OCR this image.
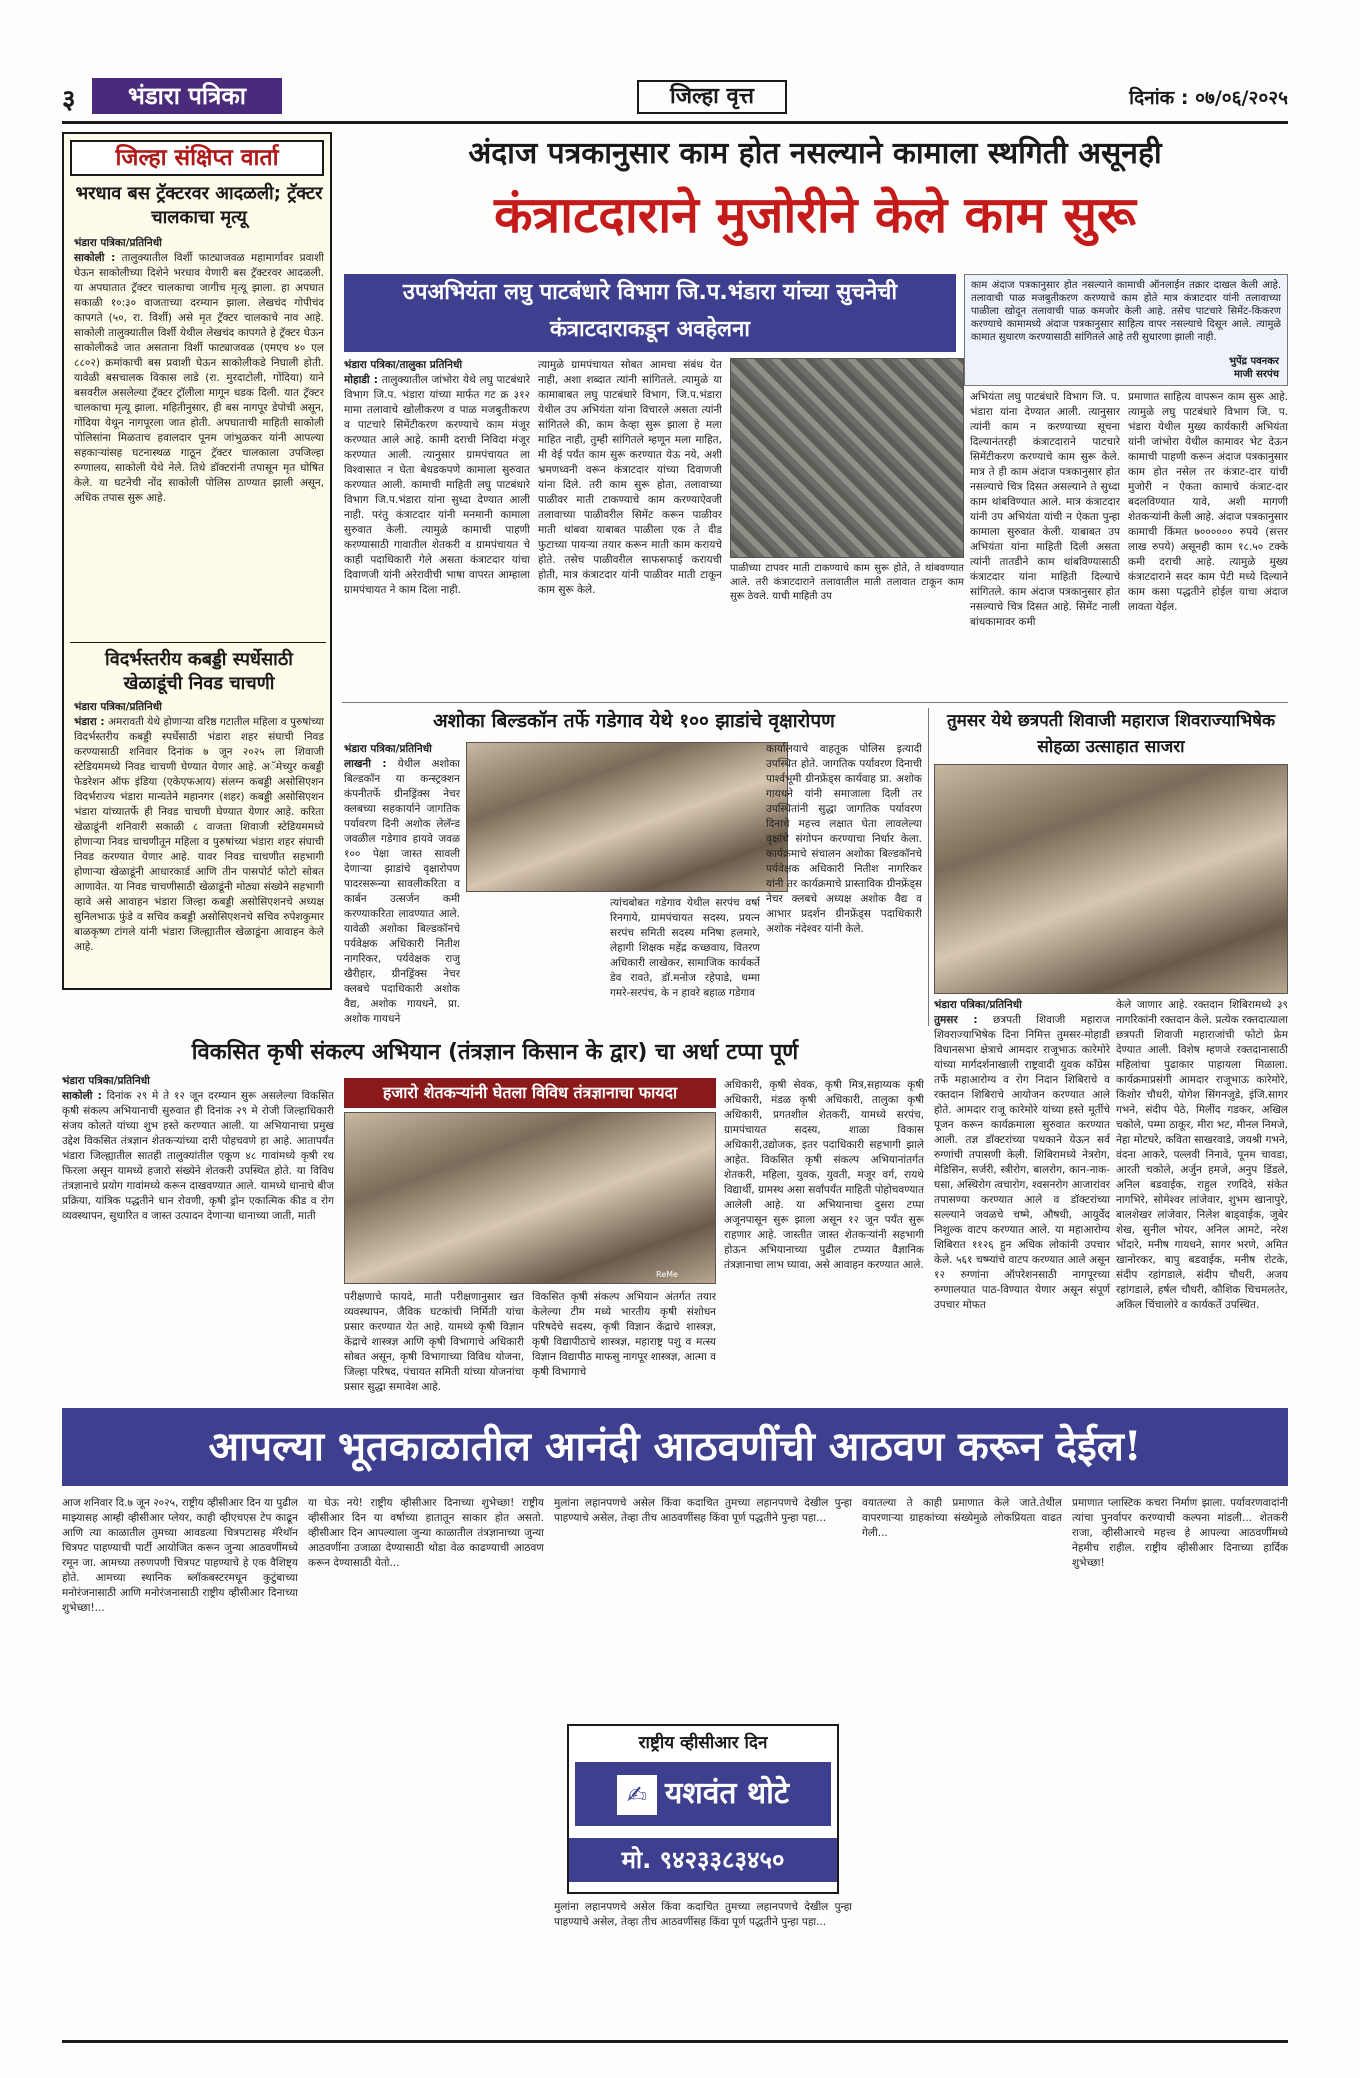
३	भंडारा पत्रिका	जिल्हा वृत्त	दिनांक : ०७/०६/२०२५
जिल्हा संक्षिप्त वार्ता
भरधाव बस ट्रॅक्टरवर आदळली; ट्रॅक्टर चालकाचा मृत्यू
भंडारा पत्रिका/प्रतिनिधी
साकोली : तालुक्यातील विर्शी फाट्याजवळ महामार्गावर प्रवाशी घेऊन साकोलीच्या दिशेने भरधाव येणारी बस ट्रॅक्टरवर आदळली. या अपघातात ट्रॅक्टर चालकाचा जागीच मृत्यू झाला. हा अपघात सकाळी १०:३० वाजताच्या दरम्यान झाला. लेखचंद गोपीचंद कापगते (५०, रा. विर्शी) असे मृत ट्रॅक्टर चालकाचे नाव आहे. साकोली तालुक्यातील विर्शी येथील लेखचंद कापगते हे ट्रॅक्टर घेऊन साकोलीकडे जात असताना विर्शी फाट्याजवळ (एमएच ४० एल ८८०२) क्रमांकाची बस प्रवाशी घेऊन साकोलीकडे निघाली होती. यावेळी बसचालक विकास लाडे (रा. मुरदाटोली, गोंदिया) याने बसवरील असलेल्या ट्रॅक्टर ट्रॉलीला मागून धडक दिली. यात ट्रॅक्टर चालकाचा मृत्यू झाला. महितीनुसार, ही बस नागपूर डेपोची असून, गोंदिया येथून नागपूरला जात होती. अपघाताची माहिती साकोली पोलिसांना मिळताच हवालदार पूनम जांभुळकर यांनी आपल्या सहकाऱ्यांसह घटनास्थळ गाठून ट्रॅक्टर चालकाला उपजिल्हा रुग्णालय, साकोली येथे नेले. तिथे डॉक्टरांनी तपासून मृत घोषित केले. या घटनेची नोंद साकोली पोलिस ठाण्यात झाली असून, अधिक तपास सुरू आहे.
विदर्भस्तरीय कबड्डी स्पर्धेसाठी खेळाडूंची निवड चाचणी
भंडारा पत्रिका/प्रतिनिधी
भंडारा : अमरावती येथे होणाऱ्या वरिष्ठ गटातील महिला व पुरुषांच्या विदर्भस्तरीय कबड्डी स्पर्धेसाठी भंडारा शहर संघाची निवड करण्यासाठी शनिवार दिनांक ७ जून २०२५ ला शिवाजी स्टेडियममध्ये निवड चाचणी घेण्यात येणार आहे. अॅमेच्युर कबड्डी फेडरेशन ऑफ इंडिया (एकेएफआय) संलग्न कबड्डी असोसिएशन विदर्भराज्य भंडारा मान्यतेने महानगर (शहर) कबड्डी असोसिएशन भंडारा यांच्यातर्फे ही निवड चाचणी घेण्यात येणार आहे. करिता खेळाडूंनी शनिवारी सकाळी ८ वाजता शिवाजी स्टेडियममध्ये होणाऱ्या निवड चाचणीतून महिला व पुरुषांच्या भंडारा शहर संघाची निवड करण्यात येणार आहे. यावर निवड चाचणीत सहभागी होणाऱ्या खेळाडूंनी आधारकार्ड आणि तीन पासपोर्ट फोटो सोबत आणावेत. या निवड चाचणीसाठी खेळाडूंनी मोठ्या संख्येने सहभागी व्हावे असे आवाहन भंडारा जिल्हा कबड्डी असोसिएशनचे अध्यक्ष सुनिलभाऊ फुंडे व सचिव कबड्डी असोसिएशनचे सचिव रुपेशकुमार बाळकृष्ण टांगले यांनी भंडारा जिल्ह्यातील खेळाडूंना आवाहन केले आहे.
अंदाज पत्रकानुसार काम होत नसल्याने कामाला स्थगिती असूनही
कंत्राटदाराने मुजोरीने केले काम सुरू
उपअभियंता लघु पाटबंधारे विभाग जि.प.भंडारा यांच्या सुचनेची कंत्राटदाराकडून अवहेलना
काम अंदाज पत्रकानुसार होत नसल्याने कामाची ऑनलाईन तक्रार दाखल केली आहे. तलावाची पाळ मजबुतीकरण करण्याचे काम होते मात्र कंत्राटदार यांनी तलावाच्या पाळीला खोदून तलावाची पाळ कमजोर केली आहे. तसेच पाटचारे सिमेंट-किकरण करण्याचे कामामध्ये अंदाज पत्रकानुसार साहित्य वापर नसल्याचे दिसून आले. त्यामुळे कामात सुधारण करण्यासाठी सांगितले आहे तरी सुधारणा झाली नाही.
भुपेंद्र पवनकर
माजी सरपंच
भंडारा पत्रिका/तालुका प्रतिनिधी
मोहाडी : तालुक्यातील जांभोरा येथे लघु पाटबंधारे विभाग जि.प. भंडारा यांच्या मार्फत गट क्र ३१२ मामा तलावाचे खोलीकरण व पाळ मजबुतीकरण व पाटचारे सिमेंटीकरण करण्याचे काम मंजूर करण्यात आले आहे. कामी दराची निविदा मंजूर करण्यात आली. त्यानुसार ग्रामपंचायत ला विश्वासात न घेता बेधडकपणे कामाला सुरुवात करण्यात आली. कामाची माहिती लघु पाटबंधारे विभाग जि.प.भंडारा यांना सुध्दा देण्यात आली नाही. परंतु कंत्राटदार यांनी मनमानी कामाला सुरुवात केली. त्यामुळे कामाची पाहणी करण्यासाठी गावातील शेतकरी व ग्रामपंचायत चे काही पदाधिकारी गेले असता कंत्राटदार यांचा दिवाणजी यांनी अरेरावीची भाषा वापरत आम्हाला ग्रामपंचायत ने काम दिला नाही.
त्यामुळे ग्रामपंचायत सोबत आमचा संबंध येत नाही, अशा शब्दात त्यांनी सांगितले. त्यामुळे या कामाबाबत लघु पाटबंधारे विभाग, जि.प.भंडारा येथील उप अभियंता यांना विचारले असता त्यांनी सांगितले की, काम केव्हा सुरू झाला हे मला माहित नाही, तुम्ही सांगितले म्हणून मला माहित, मी वेई पर्यंत काम सुरू करण्यात येऊ नये, अशी भ्रमणध्वनी वरून कंत्राटदार यांच्या दिवाणजी यांना दिले. तरी काम सुरू होता, तलावाच्या पाळीवर माती टाकण्याचे काम करण्याऐवजी तलावाच्या पाळीवरील सिमेंट करून पाळीवर माती थांबवा याबाबत पाळीला एक ते दीड फुटाच्या पायऱ्या तयार करून माती काम करायचे होते. तसेच पाळीवरील साफसफाई करायची होती, मात्र कंत्राटदार यांनी पाळीवर माती टाकून काम सुरू केले.
पाळीच्या टापवर माती टाकण्याचे काम सुरू होते, ते थांबवण्यात आले. तरी कंत्राटदाराने तलावातील माती तलावात टाकून काम सुरू ठेवले. याची माहिती उप
अभियंता लघु पाटबंधारे विभाग जि. प. भंडारा यांना देण्यात आली. त्यानुसार त्यांनी काम न करण्याच्या सूचना दिल्यानंतरही कंत्राटदाराने पाटचारे सिमेंटीकरण करण्याचे काम सुरू केले. मात्र ते ही काम अंदाज पत्रकानुसार होत नसल्याचे चित्र दिसत असल्याने ते सुध्दा काम थांबविण्यात आले. मात्र कंत्राटदार यांनी उप अभियंता यांची न ऐकता पुन्हा कामाला सुरुवात केली. याबाबत उप अभियंता यांना माहिती दिली असता त्यांनी तातडीने काम थांबविण्यासाठी कंत्राटदार यांना माहिती दिल्याचे सांगितले. काम अंदाज पत्रकानुसार होत नसल्याचे चित्र दिसत आहे. सिमेंट नाली बांधकामावर कमी
प्रमाणात साहित्य वापरून काम सुरू आहे. त्यामुळे लघु पाटबंधारे विभाग जि. प. भंडारा येथील मुख्य कार्यकारी अभियंता यांनी जांभोरा येथील कामावर भेट देऊन कामाची पाहणी करून अंदाज पत्रकानुसार काम होत नसेल तर कंत्राट-दार यांची मुजोरी न ऐकता कामाचे कंत्राट-दार बदलविण्यात यावे, अशी मागणी शेतकऱ्यांनी केली आहे. अंदाज पत्रकानुसार कामाची किंमत ७०००००० रुपये (सत्तर लाख रुपये) असूनही काम १८.५० टक्के कमी दराची आहे. त्यामुळे मुख्य कंत्राटदाराने सदर काम पेटी मध्ये दिल्याने काम कसा पद्धतीने होईल याचा अंदाज लावता येईल.
अशोका बिल्डकॉन तर्फे गडेगाव येथे १०० झाडांचे वृक्षारोपण
भंडारा पत्रिका/प्रतिनिधी
लाखनी : येथील अशोका बिल्डकॉन या कन्स्ट्रक्शन कंपनीतर्फे ग्रीनड्रिंक्स नेचर क्लबच्या सहकार्याने जागतिक पर्यावरण दिनी अशोक लेलॅन्ड जवळील गडेगाव हायवे जवळ १०० पेक्षा जास्त सावली देणाऱ्या झाडांचे वृक्षारोपण पादरसरून्या सावलीकरिता व कार्बन उत्सर्जन कमी करण्याकरिता लावण्यात आले. यावेळी अशोका बिल्डकॉनचे पर्यवेक्षक अधिकारी नितीश नागरिकर, पर्यवेक्षक राजु खैरीहार, ग्रीनड्रिंक्स नेचर क्लबचे पदाधिकारी अशोक वैद्य, अशोक गायधने, प्रा. अशोक गायधने
त्यांचबोबत गडेगाव येथील सरपंच वर्षा रिनगाये, ग्रामपंचायत सदस्य, प्रयत्न सरपंच समिती सदस्य मनिषा हलमारे, लेहागी शिक्षक महेंद्र कच्छवाय, वितरण अधिकारी लाखेकर, सामाजिक कार्यकर्ते डेव रावते, डॉ.मनोज रहेपाडे, धम्मा गमरे-सरपंच, के न हावरे बहाळ गडेगाव
कार्यालयाचे वाहतूक पोलिस इत्यादी उपस्थित होते. जागतिक पर्यावरण दिनाची पार्श्वभूमी ग्रीनफ्रेंड्स कार्यवाह प्रा. अशोक गायधने यांनी समाजाला दिली तर उपस्थितांनी सुद्धा जागतिक पर्यावरण दिनाचे महत्त्व लक्षात घेता लावलेल्या वृक्षांचे संगोपन करण्याचा निर्धार केला. कार्यक्रमाचे संचालन अशोका बिल्डकॉनचे पर्यवेक्षक अधिकारी नितीश नागरिकर यांनी तर कार्यक्रमाचे प्रास्ताविक ग्रीनफ्रेंड्स नेचर क्लबचे अध्यक्ष अशोक वैद्य व आभार प्रदर्शन ग्रीनफ्रेंड्स पदाधिकारी अशोक नंदेश्वर यांनी केले.
तुमसर येथे छत्रपती शिवाजी महाराज शिवराज्याभिषेक सोहळा उत्साहात साजरा
भंडारा पत्रिका/प्रतिनिधी
तुमसर : छत्रपती शिवाजी महाराज शिवराज्याभिषेक दिना निमित्त तुमसर-मोहाडी विधानसभा क्षेत्राचे आमदार राजूभाऊ कारेमोरे यांच्या मार्गदर्शनाखाली राष्ट्रवादी युवक काँग्रेस तर्फे महाआरोग्य व रोग निदान शिबिराचे व रक्तदान शिबिराचे आयोजन करण्यात आले होते. आमदार राजू कारेमोरे यांच्या हस्ते मूर्तीचे पूजन करून कार्यक्रमाला सुरुवात करण्यात आली. तज्ञ डॉक्टरांच्या पथकाने येऊन सर्व रुग्णांची तपासणी केली. शिबिरामध्ये नेत्ररोग, मेडिसिन, सर्जरी, स्त्रीरोग, बालरोग, कान-नाक-घसा, अस्थिरोग त्वचारोग, श्वसनरोग आजारांवर तपासण्या करण्यात आले व डॉक्टरांच्या सल्ल्याने जवळचे चष्मे, औषधी, आयुर्वेद निशुल्क वाटप करण्यात आले. या महाआरोग्य शिबिरात ११२६ हुन अधिक लोकांनी उपचार केले. ५६१ चष्म्यांचे वाटप करण्यात आले असून १२ रुग्णांना ऑपरेशनसाठी नागपूरच्या रुग्णालयात पाठ-विण्यात येणार असून संपूर्ण उपचार मोफत
केले जाणार आहे. रक्तदान शिबिरामध्ये ३९ नागरिकांनी रक्तदान केले. प्रत्येक रक्तदात्याला छत्रपती शिवाजी महाराजांची फोटो फ्रेम देण्यात आली. विशेष म्हणजे रक्तदानासाठी महिलांचा पुढाकार पाहायला मिळाला. कार्यक्रमाप्रसंगी आमदार राजूभाऊ कारेमोरे, किशोर चौधरी, योगेश सिंगनजुडे, इंजि.सागर गभने, संदीप पेठे, मिलींद गडकर, अखिल चकोले, पम्मा ठाकूर, मीरा भट, मीनल निमजे, नेहा मोटघरे, कविता साखरवाडे, जयश्री गभने, वंदना आकरे, पल्लवी निनावे, पूनम चावडा, आरती चकोले, अर्जुन हमजे, अनुप डिंडले, अनिल बडवाईक, राहुल रणदिवे, संकेत नागभिरे, सोमेश्वर लांजेवार, शुभम खानापुरे, बालशेखर लांजेवार, निलेश बाड्वाईक, जुबेर शेख, सुनील भोयर, अनिल आमटे, नरेश भोंदारे, मनीष गायधने, सागर भरणे, अमित खानोरकर, बापु बडवाईक, मनीष रोटके, संदीप रहांगडाले, संदीप चौधरी, अजय रहांगडाले, हर्षल चौधरी, कौशिक चिचमलतेर, अकिल चिंचालोरे व कार्यकर्ते उपस्थित.
विकसित कृषी संकल्प अभियान (तंत्रज्ञान किसान के द्वार) चा अर्धा टप्पा पूर्ण
हजारो शेतकऱ्यांनी घेतला विविध तंत्रज्ञानाचा फायदा
भंडारा पत्रिका/प्रतिनिधी
साकोली : दिनांक २९ मे ते १२ जून दरम्यान सुरू असलेल्या विकसित कृषी संकल्प अभियानाची सुरुवात ही दिनांक २९ मे रोजी जिल्हाधिकारी संजय कोलते यांच्या शुभ हस्ते करण्यात आली. या अभियानाचा प्रमुख उद्देश विकसित तंत्रज्ञान शेतकऱ्यांच्या दारी पोहचवणे हा आहे. आतापर्यंत भंडारा जिल्ह्यातील सातही तालुक्यांतील एकूण ४८ गावांमध्ये कृषी रथ फिरला असून यामध्ये हजारो संख्येने शेतकरी उपस्थित होते. या विविध तंत्रज्ञानाचे प्रयोग गावांमध्ये करून दाखवण्यात आले. यामध्ये धानाचे बीज प्रक्रिया, यांत्रिक पद्धतीने धान रोवणी, कृषी ड्रोन एकात्मिक कीड व रोग व्यवस्थापन, सुधारित व जास्त उत्पादन देणाऱ्या धानाच्या जाती, माती
ReMe 21.06.2025
परीक्षणाचे फायदे, माती परीक्षणानुसार खत व्यवस्थापन, जैविक घटकांची निर्मिती यांचा प्रसार करण्यात येत आहे. यामध्ये कृषी विज्ञान केंद्राचे शास्त्रज्ञ आणि कृषी विभागाचे अधिकारी सोबत असून, कृषी विभागाच्या विविध योजना, जिल्हा परिषद, पंचायत समिती यांच्या योजनांचा प्रसार सुद्धा समावेश आहे.
विकसित कृषी संकल्प अभियान अंतर्गत तयार केलेल्या टीम मध्ये भारतीय कृषी संशोधन परिषदेचे सदस्य, कृषी विज्ञान केंद्राचे शास्त्रज्ञ, कृषी विद्यापीठाचे शास्त्रज्ञ, महाराष्ट्र पशु व मत्स्य विज्ञान विद्यापीठ माफसु नागपूर शास्त्रज्ञ, आत्मा व कृषी विभागाचे
अधिकारी, कृषी सेवक, कृषी मित्र,सहाय्यक कृषी अधिकारी, मंडळ कृषी अधिकारी, तालुका कृषी अधिकारी, प्रगतशील शेतकरी, यामध्ये सरपंच, ग्रामपंचायत सदस्य, शाळा विकास अधिकारी,उद्योजक, इतर पदाधिकारी सहभागी झाले आहेत. विकसित कृषी संकल्प अभियानांतर्गत शेतकरी, महिला, युवक, युवती, मजूर वर्ग, रायथे विद्यार्थी, ग्रामस्थ असा सर्वांपर्यंत माहिती पोहोचवण्यात आलेली आहे. या अभियानाचा दुसरा टप्पा अजूनपासून सुरू झाला असून १२ जून पर्यंत सुरू राहणार आहे. जास्तीत जास्त शेतकऱ्यांनी सहभागी होऊन अभियानाच्या पुढील टप्प्यात वैज्ञानिक तंत्रज्ञानाचा लाभ घ्यावा, असे आवाहन करण्यात आले.
आपल्या भूतकाळातील आनंदी आठवणींची आठवण करून देईल!
आज शनिवार दि.७ जून २०२५, राष्ट्रीय व्हीसीआर दिन या पुढील माझ्यासह आम्ही व्हीसीआर प्लेयर, काही व्हीएचएस टेप काढून आणि त्या काळातील तुमच्या आवडत्या चित्रपटासह मॅरेथॉन चित्रपट पाहण्याची पार्टी आयोजित करून जुन्या आठवणींमध्ये रमून जा. आमच्या तरुणपणी चित्रपट पाहण्याचे हे एक वैशिष्ट्य होते. आमच्या स्थानिक ब्लॉकबस्टरमधून कुटुंबाच्या मनोरंजनासाठी आणि मनोरंजनासाठी राष्ट्रीय व्हीसीआर दिनाच्या शुभेच्छा!...
या घेऊ नये! राष्ट्रीय व्हीसीआर दिनाच्या शुभेच्छा! राष्ट्रीय व्हीसीआर दिन या वर्षाच्या हातातून साकार होत असतो. व्हीसीआर दिन आपल्याला जुन्या काळातील तंत्रज्ञानाच्या जुन्या आठवणींना उजाळा देण्यासाठी थोडा वेळ काढण्याची आठवण करून देण्यासाठी येतो...
मुलांना लहानपणचे असेल किंवा कदाचित तुमच्या लहानपणचे देखील पुन्हा पाहण्याचे असेल, तेव्हा तीच आठवणींसह किंवा पूर्ण पद्धतीने पुन्हा पहा...
राष्ट्रीय व्हीसीआर दिन
✍ यशवंत थोटे
मो. ९४२३३८३४५०
मुलांना लहानपणचे असेल किंवा कदाचित तुमच्या लहानपणचे देखील पुन्हा पाहण्याचे असेल, तेव्हा तीच आठवणींसह किंवा पूर्ण पद्धतीने पुन्हा पहा...
वयातल्या ते काही प्रमाणात केले जाते.तेथील वापरणाऱ्या ग्राहकांच्या संख्येमुळे लोकप्रियता वाढत गेली...
प्रमाणात प्लास्टिक कचरा निर्माण झाला. पर्यावरणवादांनी त्यांचा पुनर्वापर करण्याची कल्पना मांडली... शेतकरी राजा, व्हीसीआरचे महत्त्व हे आपल्या आठवणींमध्ये नेहमीच राहील. राष्ट्रीय व्हीसीआर दिनाच्या हार्दिक शुभेच्छा!
